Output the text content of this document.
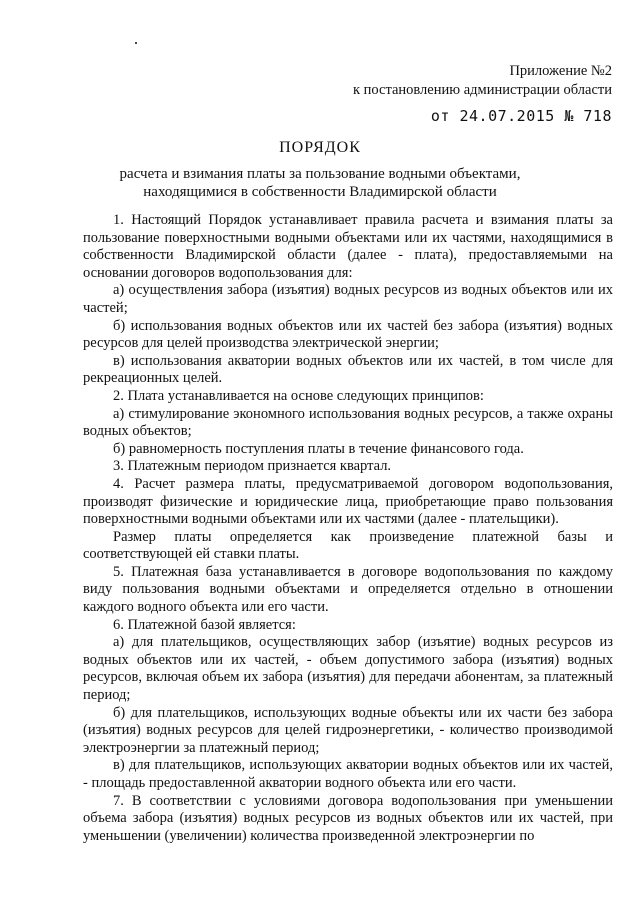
Приложение №2
к постановлению администрации области
от 24.07.2015 № 718
ПОРЯДОК
расчета и взимания платы за пользование водными объектами, находящимися в собственности Владимирской области

1. Настоящий Порядок устанавливает правила расчета и взимания платы за пользование поверхностными водными объектами или их частями, находящимися в собственности Владимирской области (далее - плата), предоставляемыми на основании договоров водопользования для:

а) осуществления забора (изъятия) водных ресурсов из водных объектов или их частей;

б) использования водных объектов или их частей без забора (изъятия) водных ресурсов для целей производства электрической энергии;

в) использования акватории водных объектов или их частей, в том числе для рекреационных целей.

2. Плата устанавливается на основе следующих принципов:

а) стимулирование экономного использования водных ресурсов, а также охраны водных объектов;

б) равномерность поступления платы в течение финансового года.

3. Платежным периодом признается квартал.

4. Расчет размера платы, предусматриваемой договором водопользования, производят физические и юридические лица, приобретающие право пользования поверхностными водными объектами или их частями (далее - плательщики).

Размер платы определяется как произведение платежной базы и соответствующей ей ставки платы.

5. Платежная база устанавливается в договоре водопользования по каждому виду пользования водными объектами и определяется отдельно в отношении каждого водного объекта или его части.

6. Платежной базой является:

а) для плательщиков, осуществляющих забор (изъятие) водных ресурсов из водных объектов или их частей, - объем допустимого забора (изъятия) водных ресурсов, включая объем их забора (изъятия) для передачи абонентам, за платежный период;

б) для плательщиков, использующих водные объекты или их части без забора (изъятия) водных ресурсов для целей гидроэнергетики, - количество производимой электроэнергии за платежный период;

в) для плательщиков, использующих акватории водных объектов или их частей, - площадь предоставленной акватории водного объекта или его части.

7. В соответствии с условиями договора водопользования при уменьшении объема забора (изъятия) водных ресурсов из водных объектов или их частей, при уменьшении (увеличении) количества произведенной электроэнергии по
